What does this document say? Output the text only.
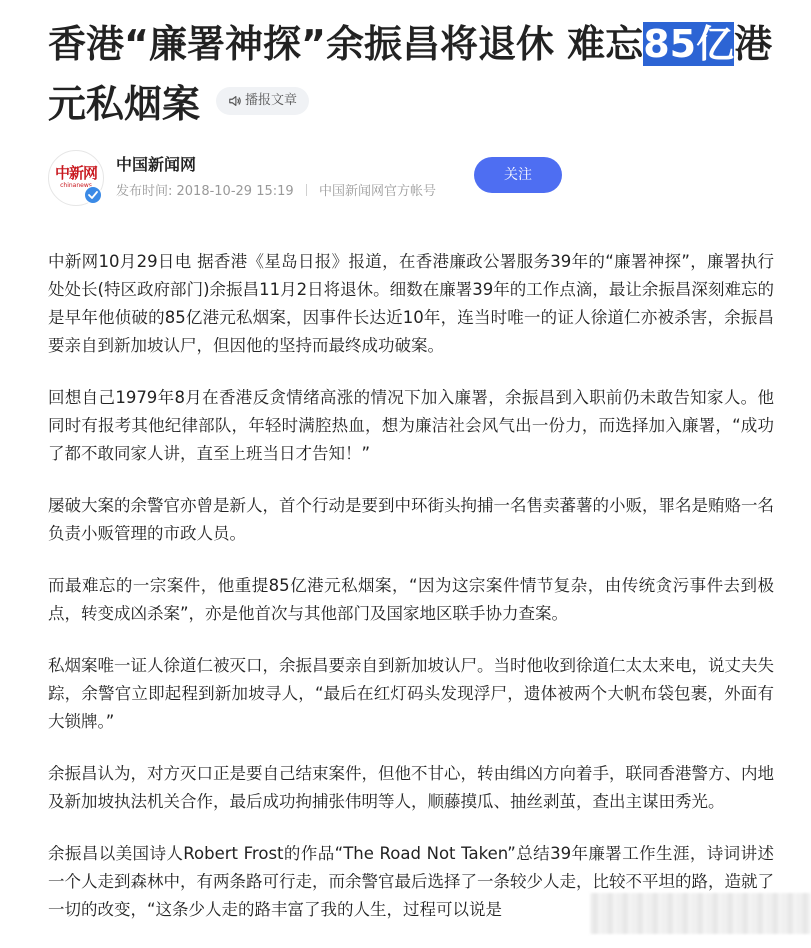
香港“廉署神探”余振昌将退休 难忘85亿港元私烟案	播报文章
中新网
chinanews
中国新闻网
发布时间: 2018-10-29 15:19 中国新闻网官方帐号
关注

中新网10月29日电 据香港《星岛日报》报道，在香港廉政公署服务39年的“廉署神探”，廉署执行处处长(特区政府部门)余振昌11月2日将退休。细数在廉署39年的工作点滴，最让余振昌深刻难忘的是早年他侦破的85亿港元私烟案，因事件长达近10年，连当时唯一的证人徐道仁亦被杀害，余振昌要亲自到新加坡认尸，但因他的坚持而最终成功破案。

回想自己1979年8月在香港反贪情绪高涨的情况下加入廉署，余振昌到入职前仍未敢告知家人。他同时有报考其他纪律部队，年轻时满腔热血，想为廉洁社会风气出一份力，而选择加入廉署，“成功了都不敢同家人讲，直至上班当日才告知！”

屡破大案的余警官亦曾是新人，首个行动是要到中环街头拘捕一名售卖蕃薯的小贩，罪名是贿赂一名负责小贩管理的市政人员。

而最难忘的一宗案件，他重提85亿港元私烟案，“因为这宗案件情节复杂，由传统贪污事件去到极点，转变成凶杀案”，亦是他首次与其他部门及国家地区联手协力查案。

私烟案唯一证人徐道仁被灭口，余振昌要亲自到新加坡认尸。当时他收到徐道仁太太来电，说丈夫失踪，余警官立即起程到新加坡寻人，“最后在红灯码头发现浮尸，遗体被两个大帆布袋包裹，外面有大锁牌。”

余振昌认为，对方灭口正是要自己结束案件，但他不甘心，转由缉凶方向着手，联同香港警方、内地及新加坡执法机关合作，最后成功拘捕张伟明等人，顺藤摸瓜、抽丝剥茧，查出主谋田秀光。

余振昌以美国诗人Robert Frost的作品“The Road Not Taken”总结39年廉署工作生涯，诗词讲述一个人走到森林中，有两条路可行走，而余警官最后选择了一条较少人走，比较不平坦的路，造就了一切的改变，“这条少人走的路丰富了我的人生，过程可以说是
